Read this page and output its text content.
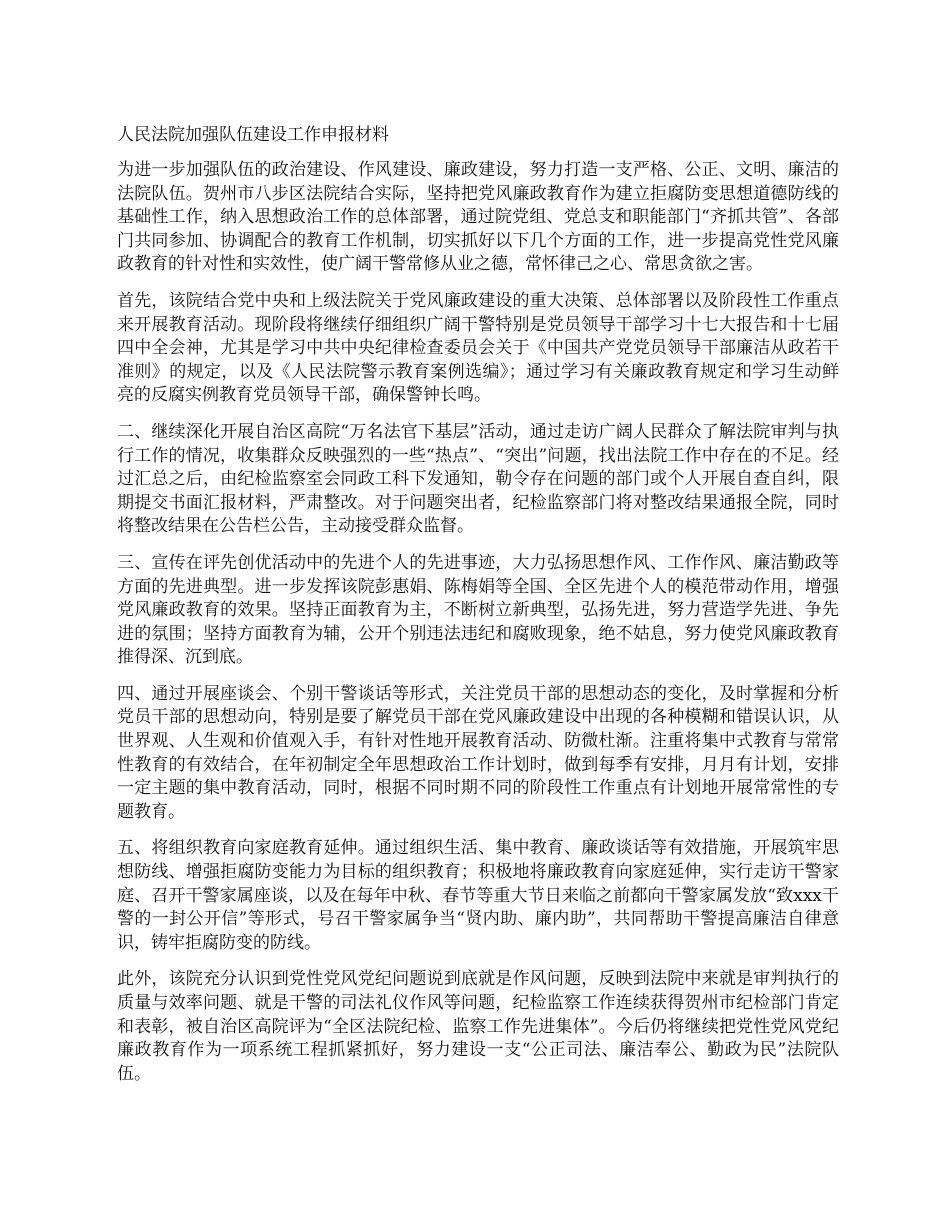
人民法院加强队伍建设工作申报材料

为进一步加强队伍的政治建设、作风建设、廉政建设，努力打造一支严格、公正、文明、廉洁的法院队伍。贺州市八步区法院结合实际，坚持把党风廉政教育作为建立拒腐防变思想道德防线的基础性工作，纳入思想政治工作的总体部署，通过院党组、党总支和职能部门“齐抓共管”、各部门共同参加、协调配合的教育工作机制，切实抓好以下几个方面的工作，进一步提高党性党风廉政教育的针对性和实效性，使广阔干警常修从业之德，常怀律己之心、常思贪欲之害。

首先，该院结合党中央和上级法院关于党风廉政建设的重大决策、总体部署以及阶段性工作重点来开展教育活动。现阶段将继续仔细组织广阔干警特别是党员领导干部学习十七大报告和十七届四中全会神，尤其是学习中共中央纪律检查委员会关于《中国共产党党员领导干部廉洁从政若干准则》的规定，以及《人民法院警示教育案例选编》；通过学习有关廉政教育规定和学习生动鲜亮的反腐实例教育党员领导干部，确保警钟长鸣。

二、继续深化开展自治区高院“万名法官下基层”活动，通过走访广阔人民群众了解法院审判与执行工作的情况，收集群众反映强烈的一些“热点”、“突出”问题，找出法院工作中存在的不足。经过汇总之后，由纪检监察室会同政工科下发通知，勒令存在问题的部门或个人开展自查自纠，限期提交书面汇报材料，严肃整改。对于问题突出者，纪检监察部门将对整改结果通报全院，同时将整改结果在公告栏公告，主动接受群众监督。

三、宣传在评先创优活动中的先进个人的先进事迹，大力弘扬思想作风、工作作风、廉洁勤政等方面的先进典型。进一步发挥该院彭惠娟、陈梅娟等全国、全区先进个人的模范带动作用，增强党风廉政教育的效果。坚持正面教育为主，不断树立新典型，弘扬先进，努力营造学先进、争先进的氛围；坚持方面教育为辅，公开个别违法违纪和腐败现象，绝不姑息，努力使党风廉政教育推得深、沉到底。

四、通过开展座谈会、个别干警谈话等形式，关注党员干部的思想动态的变化，及时掌握和分析党员干部的思想动向，特别是要了解党员干部在党风廉政建设中出现的各种模糊和错误认识，从世界观、人生观和价值观入手，有针对性地开展教育活动、防微杜渐。注重将集中式教育与常常性教育的有效结合，在年初制定全年思想政治工作计划时，做到每季有安排，月月有计划，安排一定主题的集中教育活动，同时，根据不同时期不同的阶段性工作重点有计划地开展常常性的专题教育。

五、将组织教育向家庭教育延伸。通过组织生活、集中教育、廉政谈话等有效措施，开展筑牢思想防线、增强拒腐防变能力为目标的组织教育；积极地将廉政教育向家庭延伸，实行走访干警家庭、召开干警家属座谈，以及在每年中秋、春节等重大节日来临之前都向干警家属发放“致xxx干警的一封公开信”等形式，号召干警家属争当“贤内助、廉内助”，共同帮助干警提高廉洁自律意识，铸牢拒腐防变的防线。

此外，该院充分认识到党性党风党纪问题说到底就是作风问题，反映到法院中来就是审判执行的质量与效率问题、就是干警的司法礼仪作风等问题，纪检监察工作连续获得贺州市纪检部门肯定和表彰，被自治区高院评为“全区法院纪检、监察工作先进集体”。今后仍将继续把党性党风党纪廉政教育作为一项系统工程抓紧抓好，努力建设一支“公正司法、廉洁奉公、勤政为民”法院队伍。
